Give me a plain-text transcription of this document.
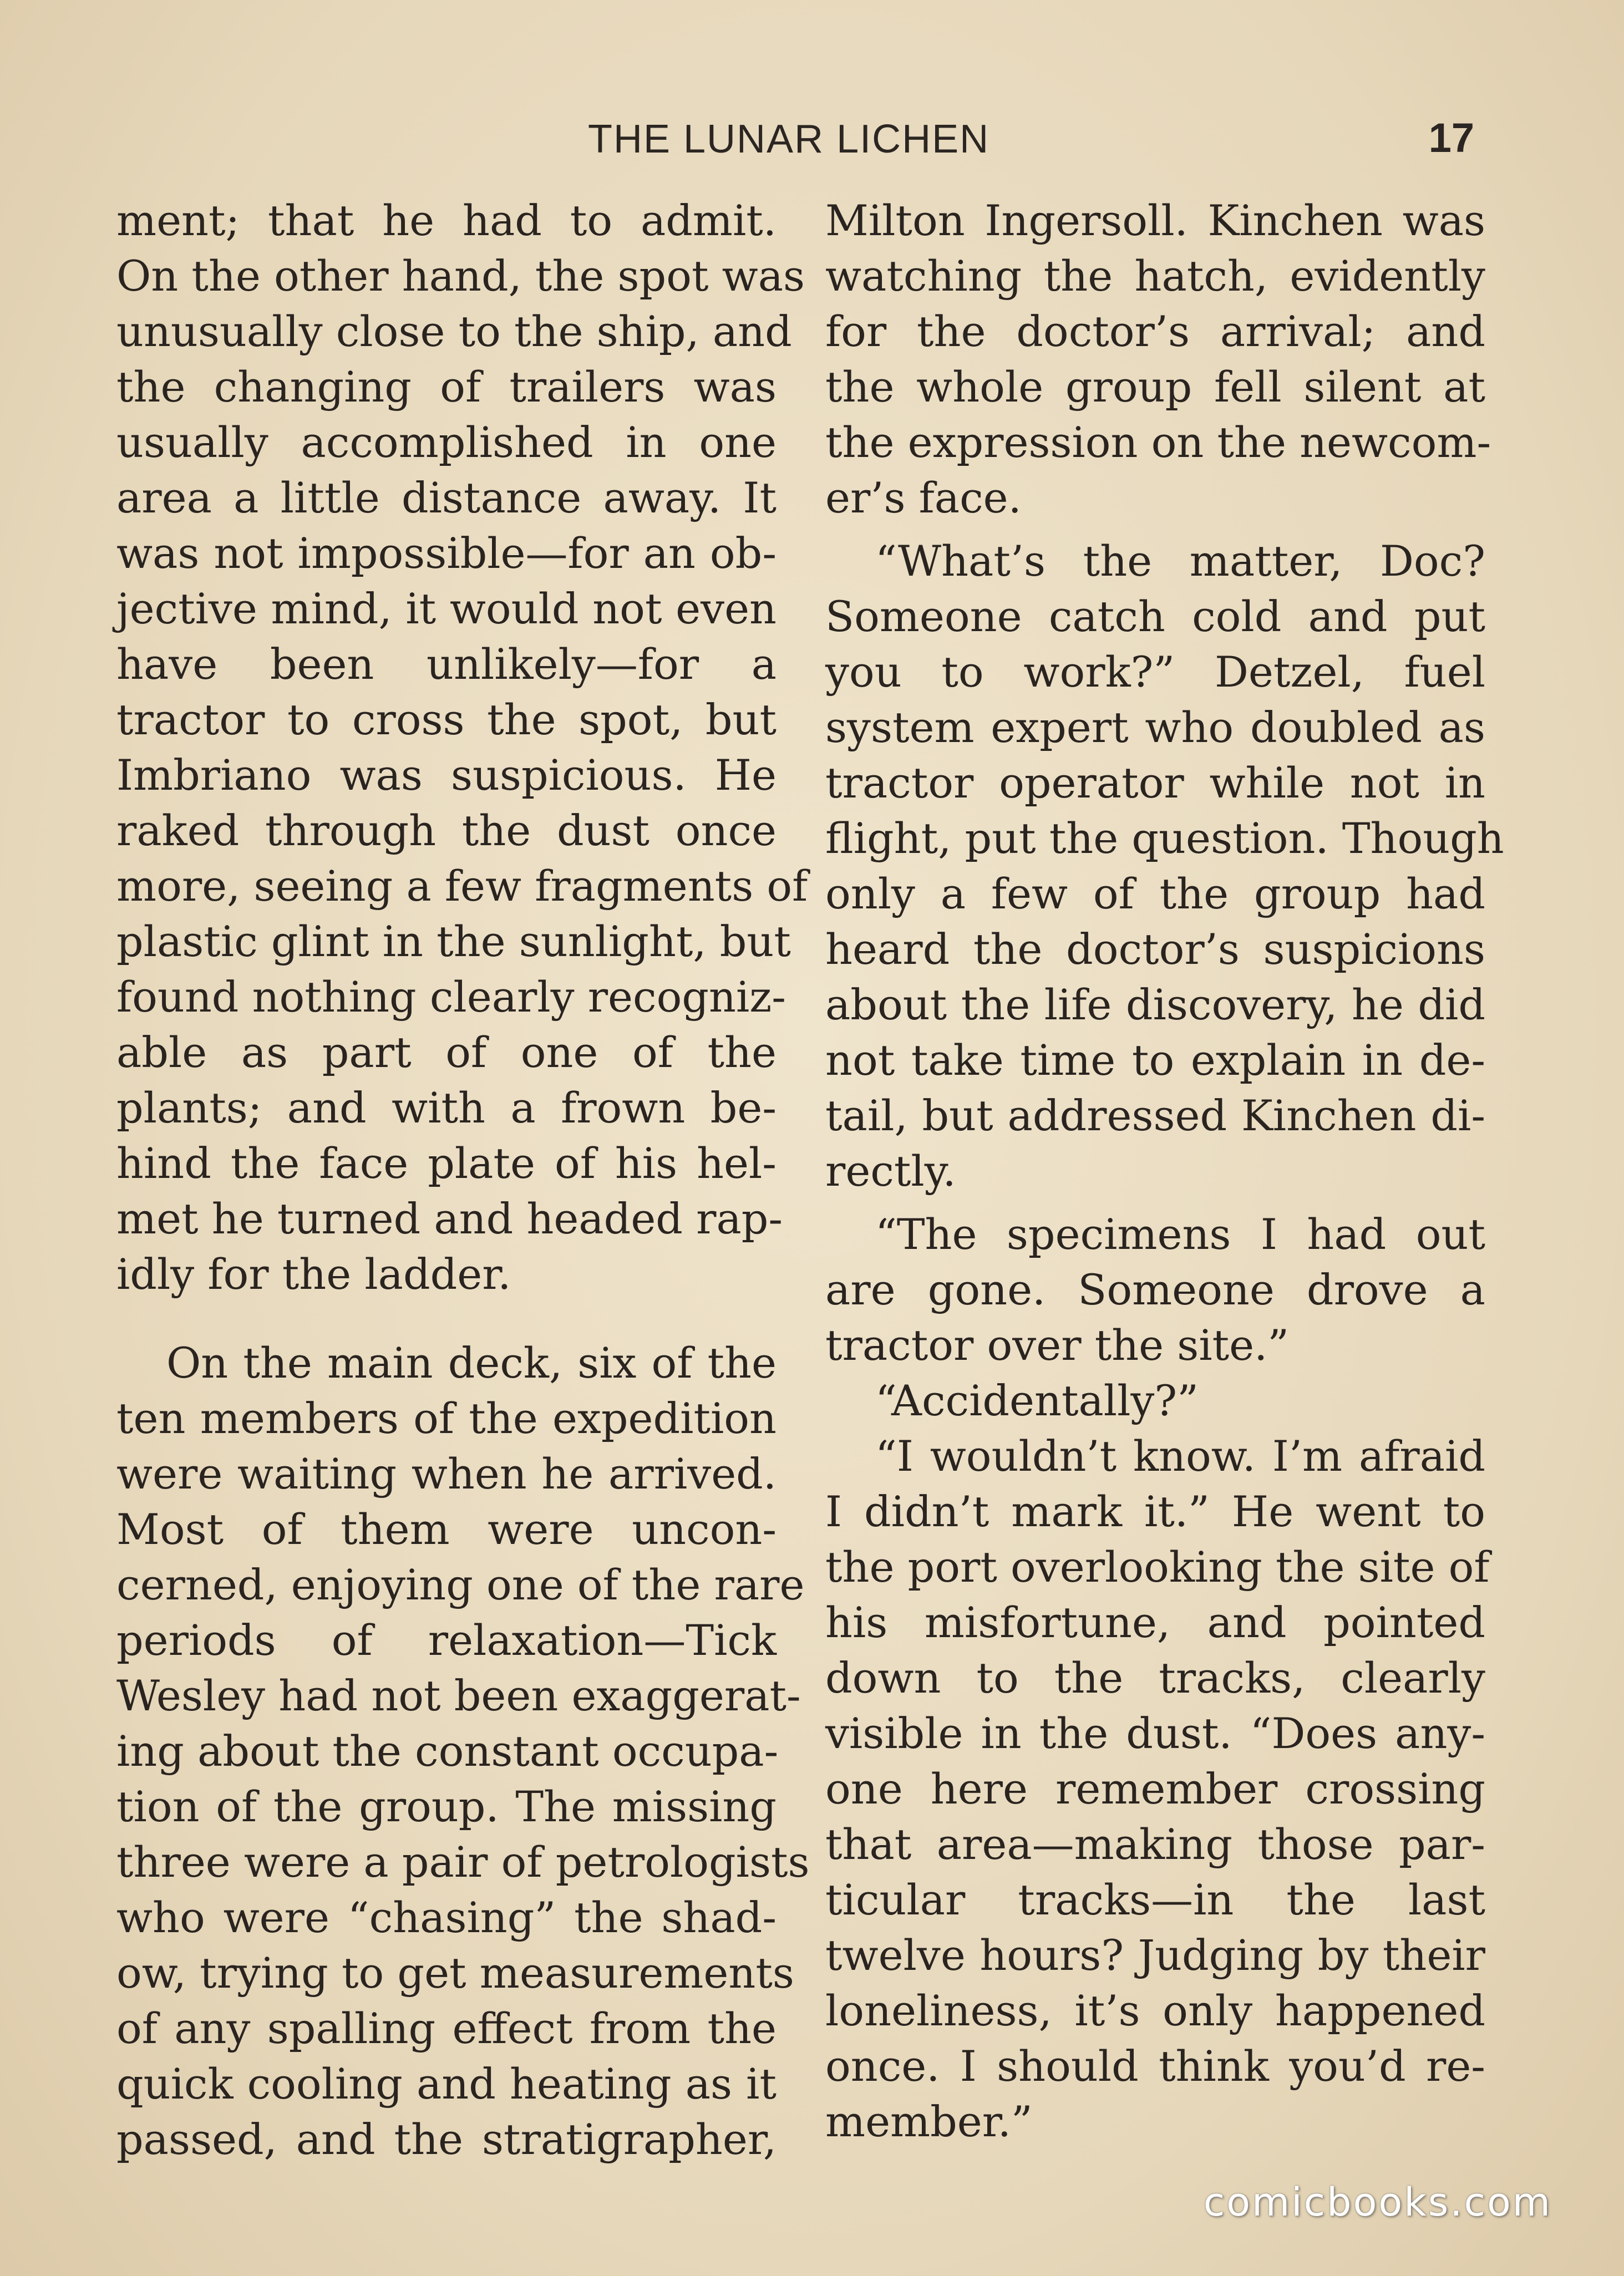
THE LUNAR LICHEN	17
ment; that he had to admit.
On the other hand, the spot was
unusually close to the ship, and
the changing of trailers was
usually accomplished in one
area a little distance away. It
was not impossible—for an ob-
jective mind, it would not even
have been unlikely—for a
tractor to cross the spot, but
Imbriano was suspicious. He
raked through the dust once
more, seeing a few fragments of
plastic glint in the sunlight, but
found nothing clearly recogniz-
able as part of one of the
plants; and with a frown be-
hind the face plate of his hel-
met he turned and headed rap-
idly for the ladder.
On the main deck, six of the
ten members of the expedition
were waiting when he arrived.
Most of them were uncon-
cerned, enjoying one of the rare
periods of relaxation—Tick
Wesley had not been exaggerat-
ing about the constant occupa-
tion of the group. The missing
three were a pair of petrologists
who were “chasing” the shad-
ow, trying to get measurements
of any spalling effect from the
quick cooling and heating as it
passed, and the stratigrapher,
Milton Ingersoll. Kinchen was
watching the hatch, evidently
for the doctor’s arrival; and
the whole group fell silent at
the expression on the newcom-
er’s face.
“What’s the matter, Doc?
Someone catch cold and put
you to work?” Detzel, fuel
system expert who doubled as
tractor operator while not in
flight, put the question. Though
only a few of the group had
heard the doctor’s suspicions
about the life discovery, he did
not take time to explain in de-
tail, but addressed Kinchen di-
rectly.
“The specimens I had out
are gone. Someone drove a
tractor over the site.”
“Accidentally?”
“I wouldn’t know. I’m afraid
I didn’t mark it.” He went to
the port overlooking the site of
his misfortune, and pointed
down to the tracks, clearly
visible in the dust. “Does any-
one here remember crossing
that area—making those par-
ticular tracks—in the last
twelve hours? Judging by their
loneliness, it’s only happened
once. I should think you’d re-
member.”
comicbooks.com
